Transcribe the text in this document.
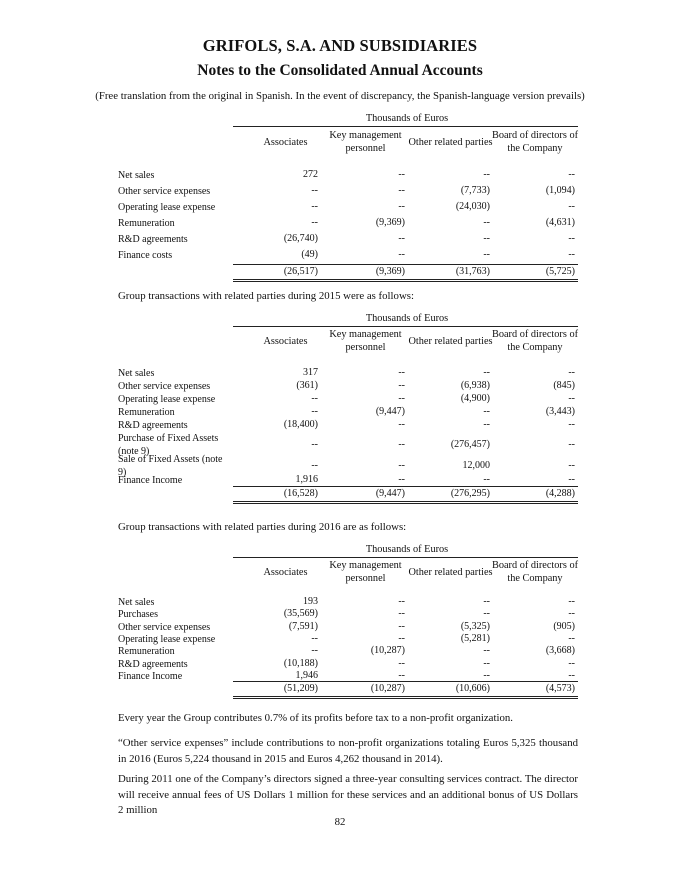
GRIFOLS, S.A. AND SUBSIDIARIES
Notes to the Consolidated Annual Accounts
(Free translation from the original in Spanish. In the event of discrepancy, the Spanish-language version prevails)
Thousands of Euros
Associates
Key management personnel
Other related parties
Board of directors of the Company
Net sales	272	--	--	--
Other service expenses	--	--	(7,733)	(1,094)
Operating lease expense	--	--	(24,030)	--
Remuneration	--	(9,369)	--	(4,631)
R&D agreements	(26,740)	--	--	--
Finance costs	(49)	--	--	--
(26,517)	(9,369)	(31,763)	(5,725)
Group transactions with related parties during 2015 were as follows:
Thousands of Euros
Associates
Key management personnel
Other related parties
Board of directors of the Company
Net sales	317	--	--	--
Other service expenses	(361)	--	(6,938)	(845)
Operating lease expense	--	--	(4,900)	--
Remuneration	--	(9,447)	--	(3,443)
R&D agreements	(18,400)	--	--	--
Purchase of Fixed Assets (note 9)
--	--	(276,457)	--
Sale of Fixed Assets (note 9)
--	--	12,000	--
Finance Income	1,916	--	--	--
(16,528)	(9,447)	(276,295)	(4,288)
Group transactions with related parties during 2016 are as follows:
Thousands of Euros
Associates
Key management personnel
Other related parties
Board of directors of the Company
Net sales	193	--	--	--
Purchases	(35,569)	--	--	--
Other service expenses	(7,591)	--	(5,325)	(905)
Operating lease expense	--	--	(5,281)	--
Remuneration	--	(10,287)	--	(3,668)
R&D agreements	(10,188)	--	--	--
Finance Income	1,946	--	--	--
(51,209)	(10,287)	(10,606)	(4,573)
Every year the Group contributes 0.7% of its profits before tax to a non-profit organization.
“Other service expenses” include contributions to non-profit organizations totaling Euros 5,325 thousand in 2016 (Euros 5,224 thousand in 2015 and Euros 4,262 thousand in 2014).
During 2011 one of the Company’s directors signed a three-year consulting services contract. The director will receive annual fees of US Dollars 1 million for these services and an additional bonus of US Dollars 2 million
82
